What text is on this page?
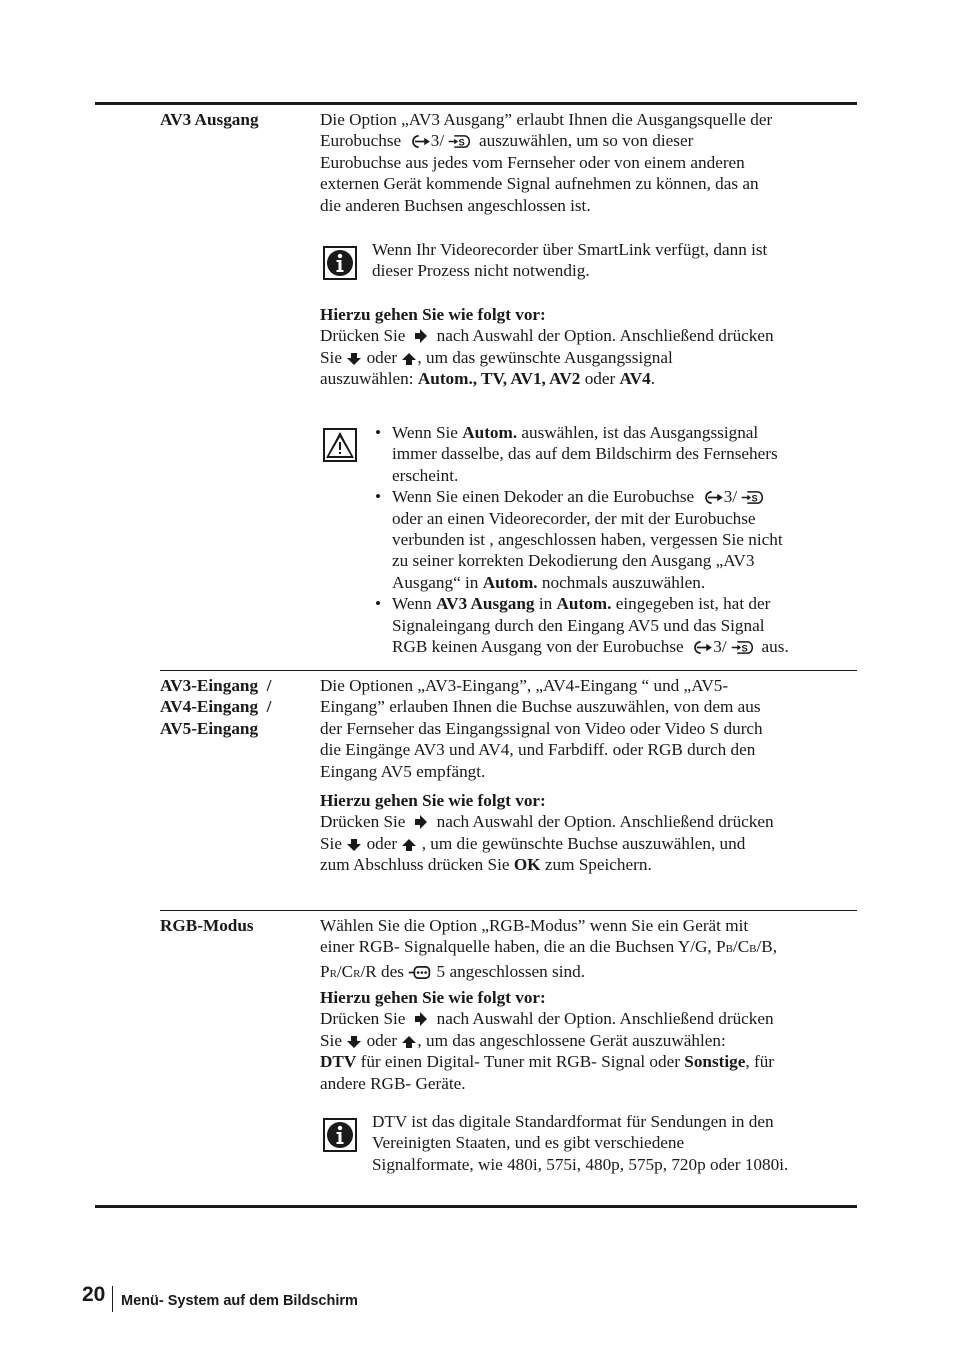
AV3 Ausgang	Die Option „AV3 Ausgang” erlaubt Ihnen die Ausgangsquelle der

Eurobuchse 3/ auszuwählen, um so von dieser

Eurobuchse aus jedes vom Fernseher oder von einem anderen

externen Gerät kommende Signal aufnehmen zu können, das an

die anderen Buchsen angeschlossen ist.

Wenn Ihr Videorecorder über SmartLink verfügt, dann ist

dieser Prozess nicht notwendig.

Hierzu gehen Sie wie folgt vor:

Drücken Sie nach Auswahl der Option. Anschließend drücken

Sie oder , um das gewünschte Ausgangssignal

auszuwählen: Autom., TV, AV1, AV2 oder AV4.

• Wenn Sie Autom. auswählen, ist das Ausgangssignal
immer dasselbe, das auf dem Bildschirm des Fernsehers
erscheint.
• Wenn Sie einen Dekoder an die Eurobuchse 3/
oder an einen Videorecorder, der mit der Eurobuchse
verbunden ist , angeschlossen haben, vergessen Sie nicht
zu seiner korrekten Dekodierung den Ausgang „AV3
Ausgang“ in Autom. nochmals auszuwählen.
• Wenn AV3 Ausgang in Autom. eingegeben ist, hat der
Signaleingang durch den Eingang AV5 und das Signal
RGB keinen Ausgang von der Eurobuchse 3/ aus.
AV3-Eingang  /
AV4-Eingang  /
AV5-Eingang

Die Optionen „AV3-Eingang”, „AV4-Eingang “ und „AV5-

Eingang” erlauben Ihnen die Buchse auszuwählen, von dem aus

der Fernseher das Eingangssignal von Video oder Video S durch

die Eingänge AV3 und AV4, und Farbdiff. oder RGB durch den

Eingang AV5 empfängt.

Hierzu gehen Sie wie folgt vor:

Drücken Sie nach Auswahl der Option. Anschließend drücken

Sie oder , um die gewünschte Buchse auszuwählen, und

zum Abschluss drücken Sie OK zum Speichern.

RGB-Modus	Wählen Sie die Option „RGB-Modus” wenn Sie ein Gerät mit

einer RGB- Signalquelle haben, die an die Buchsen Y/G, PB/CB/B,

PR/CR/R des 5 angeschlossen sind.

Hierzu gehen Sie wie folgt vor:

Drücken Sie nach Auswahl der Option. Anschließend drücken

Sie oder , um das angeschlossene Gerät auszuwählen:

DTV für einen Digital- Tuner mit RGB- Signal oder Sonstige, für

andere RGB- Geräte.

DTV ist das digitale Standardformat für Sendungen in den

Vereinigten Staaten, und es gibt verschiedene

Signalformate, wie 480i, 575i, 480p, 575p, 720p oder 1080i.

20 Menü- System auf dem Bildschirm
